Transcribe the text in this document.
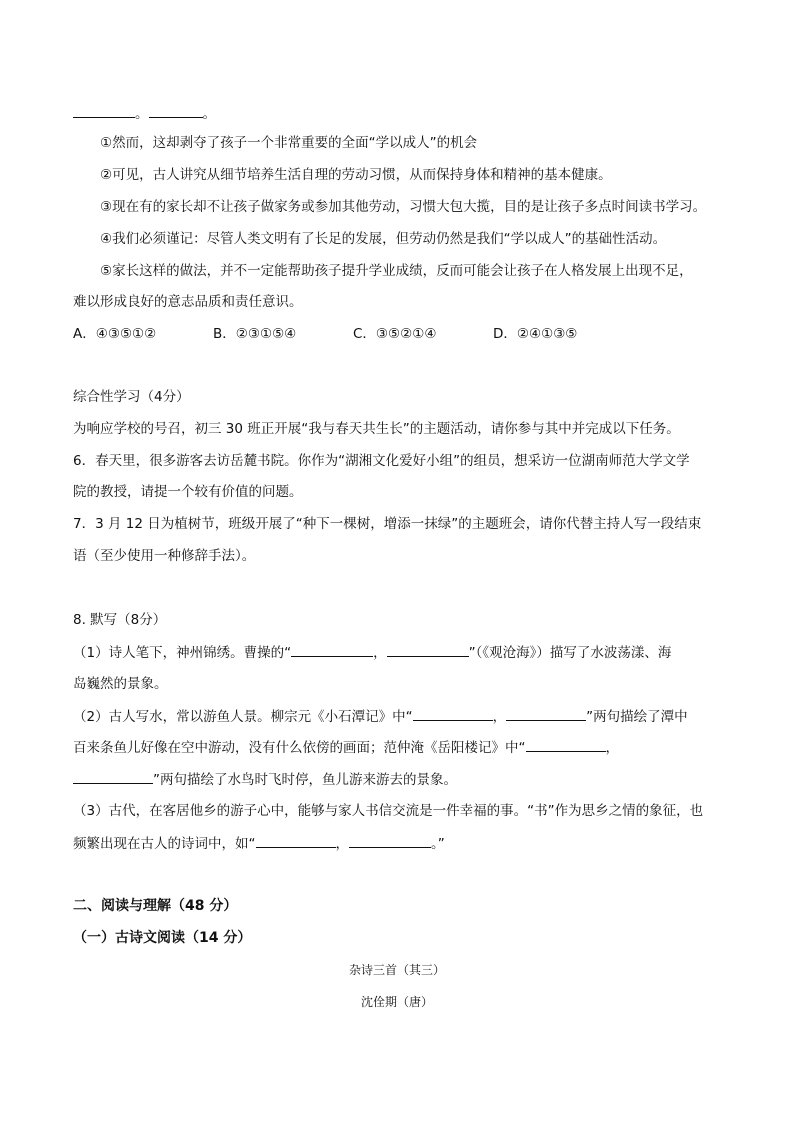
。	。
①然而，这却剥夺了孩子一个非常重要的全面“学以成人”的机会
②可见，古人讲究从细节培养生活自理的劳动习惯，从而保持身体和精神的基本健康。
③现在有的家长却不让孩子做家务或参加其他劳动，习惯大包大揽，目的是让孩子多点时间读书学习。
④我们必须谨记：尽管人类文明有了长足的发展，但劳动仍然是我们“学以成人”的基础性活动。
⑤家长这样的做法，并不一定能帮助孩子提升学业成绩，反而可能会让孩子在人格发展上出现不足，
难以形成良好的意志品质和责任意识。
A．④③⑤①②	B．②③①⑤④	C．③⑤②①④	D．②④①③⑤
综合性学习（4分）
为响应学校的号召，初三 30 班正开展“我与春天共生长”的主题活动，请你参与其中并完成以下任务。
6．春天里，很多游客去访岳麓书院。你作为“湖湘文化爱好小组”的组员，想采访一位湖南师范大学文学
院的教授，请提一个较有价值的问题。
7．3 月 12 日为植树节，班级开展了“种下一棵树，增添一抹绿”的主题班会，请你代替主持人写一段结束
语（至少使用一种修辞手法）。
8. 默写（8分）
（1）诗人笔下，神州锦绣。曹操的“	，	”（《观沧海》）描写了水波荡漾、海
岛巍然的景象。
（2）古人写水，常以游鱼人景。柳宗元《小石潭记》中“	，	”两句描绘了潭中
百来条鱼儿好像在空中游动，没有什么依傍的画面；范仲淹《岳阳楼记》中“	，
”两句描绘了水鸟时飞时停，鱼儿游来游去的景象。
（3）古代，在客居他乡的游子心中，能够与家人书信交流是一件幸福的事。“书”作为思乡之情的象征，也
频繁出现在古人的诗词中，如“	，	。”
二、阅读与理解（48 分）
（一）古诗文阅读（14 分）
杂诗三首（其三）
沈佺期（唐）
